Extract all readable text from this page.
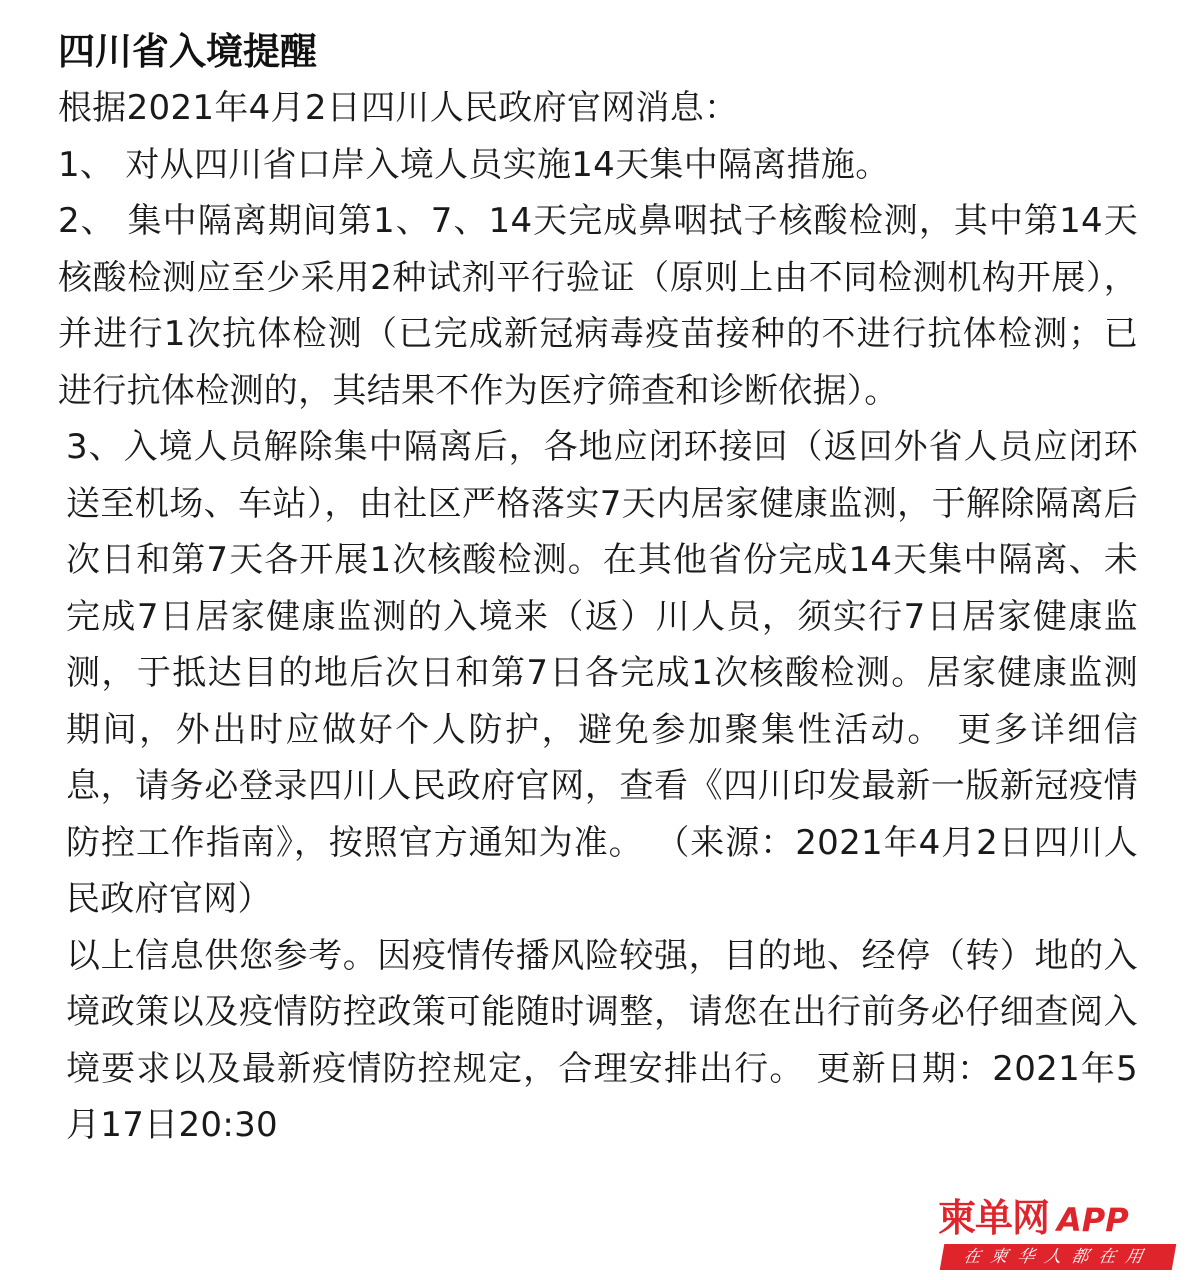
四川省入境提醒

根据2021年4月2日四川人民政府官网消息：

1、 对从四川省口岸入境人员实施14天集中隔离措施。

2、 集中隔离期间第1、7、14天完成鼻咽拭子核酸检测，其中第14天核酸检测应至少采用2种试剂平行验证（原则上由不同检测机构开展），并进行1次抗体检测（已完成新冠病毒疫苗接种的不进行抗体检测；已进行抗体检测的，其结果不作为医疗筛查和诊断依据）。

3、入境人员解除集中隔离后，各地应闭环接回（返回外省人员应闭环送至机场、车站），由社区严格落实7天内居家健康监测，于解除隔离后次日和第7天各开展1次核酸检测。在其他省份完成14天集中隔离、未完成7日居家健康监测的入境来（返）川人员，须实行7日居家健康监测，于抵达目的地后次日和第7日各完成1次核酸检测。居家健康监测期间，外出时应做好个人防护，避免参加聚集性活动。 更多详细信息，请务必登录四川人民政府官网，查看《四川印发最新一版新冠疫情防控工作指南》，按照官方通知为准。 （来源：2021年4月2日四川人民政府官网）

以上信息供您参考。因疫情传播风险较强，目的地、经停（转）地的入境政策以及疫情防控政策可能随时调整，请您在出行前务必仔细查阅入境要求以及最新疫情防控规定，合理安排出行。 更新日期：2021年5月17日20:30

柬单网 APP
在柬华人都在用
